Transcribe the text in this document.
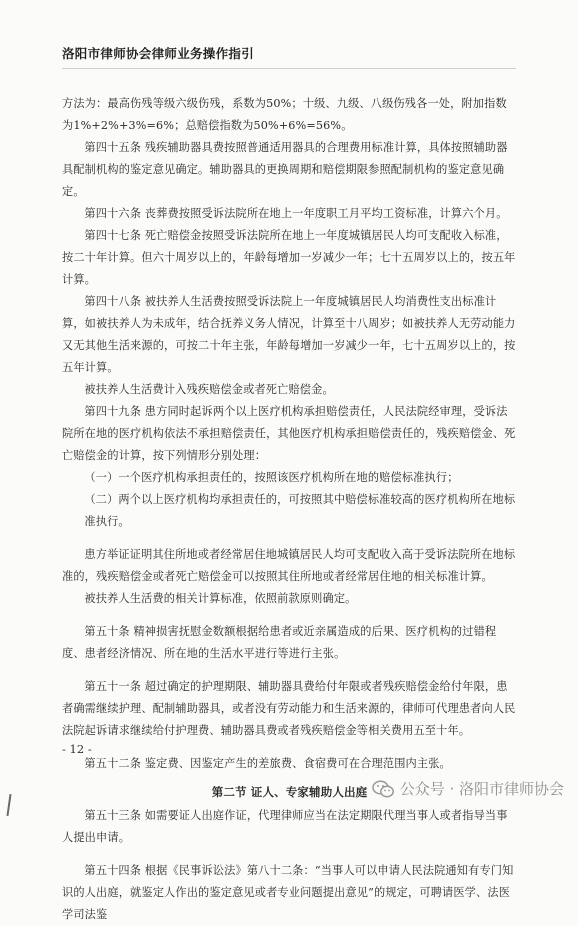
洛阳市律师协会律师业务操作指引

方法为：最高伤残等级六级伤残，系数为50%；十级、九级、八级伤残各一处，附加指数为1%+2%+3%=6%；总赔偿指数为50%+6%=56%。

第四十五条 残疾辅助器具费按照普通适用器具的合理费用标准计算，具体按照辅助器具配制机构的鉴定意见确定。辅助器具的更换周期和赔偿期限参照配制机构的鉴定意见确定。

第四十六条 丧葬费按照受诉法院所在地上一年度职工月平均工资标准，计算六个月。

第四十七条 死亡赔偿金按照受诉法院所在地上一年度城镇居民人均可支配收入标准，按二十年计算。但六十周岁以上的，年龄每增加一岁减少一年；七十五周岁以上的，按五年计算。

第四十八条 被扶养人生活费按照受诉法院上一年度城镇居民人均消费性支出标准计算，如被扶养人为未成年，结合抚养义务人情况，计算至十八周岁；如被扶养人无劳动能力又无其他生活来源的，可按二十年主张，年龄每增加一岁减少一年，七十五周岁以上的，按五年计算。

被扶养人生活费计入残疾赔偿金或者死亡赔偿金。

第四十九条 患方同时起诉两个以上医疗机构承担赔偿责任，人民法院经审理，受诉法院所在地的医疗机构依法不承担赔偿责任，其他医疗机构承担赔偿责任的，残疾赔偿金、死亡赔偿金的计算，按下列情形分别处理：

（一）一个医疗机构承担责任的，按照该医疗机构所在地的赔偿标准执行；

（二）两个以上医疗机构均承担责任的，可按照其中赔偿标准较高的医疗机构所在地标准执行。

患方举证证明其住所地或者经常居住地城镇居民人均可支配收入高于受诉法院所在地标准的，残疾赔偿金或者死亡赔偿金可以按照其住所地或者经常居住地的相关标准计算。

被扶养人生活费的相关计算标准，依照前款原则确定。

第五十条 精神损害抚慰金数额根据给患者或近亲属造成的后果、医疗机构的过错程度、患者经济情况、所在地的生活水平进行等进行主张。

第五十一条 超过确定的护理期限、辅助器具费给付年限或者残疾赔偿金给付年限，患者确需继续护理、配制辅助器具，或者没有劳动能力和生活来源的，律师可代理患者向人民法院起诉请求继续给付护理费、辅助器具费或者残疾赔偿金等相关费用五至十年。

第五十二条 鉴定费、因鉴定产生的差旅费、食宿费可在合理范围内主张。

第二节 证人、专家辅助人出庭

第五十三条 如需要证人出庭作证，代理律师应当在法定期限代理当事人或者指导当事人提出申请。

第五十四条 根据《民事诉讼法》第八十二条：“当事人可以申请人民法院通知有专门知识的人出庭，就鉴定人作出的鉴定意见或者专业问题提出意见”的规定，可聘请医学、法医学司法鉴

- 12 -
公众号 · 洛阳市律师协会
